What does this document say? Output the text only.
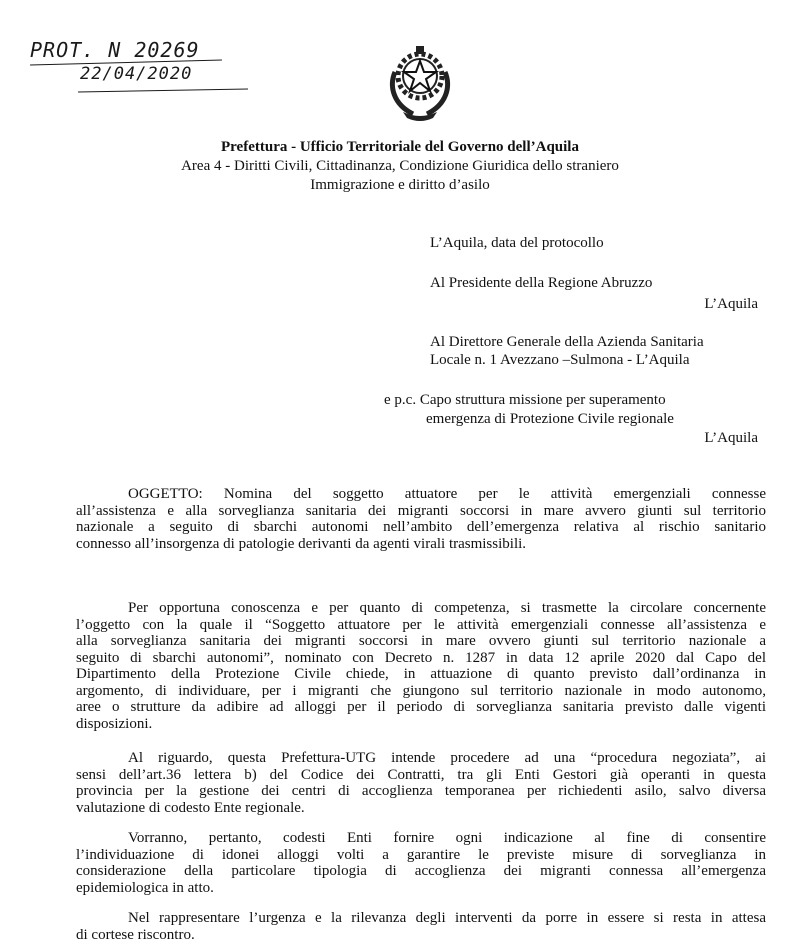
PROT. N 20269
22/04/2020
Prefettura - Ufficio Territoriale del Governo dell’Aquila
Area 4 - Diritti Civili, Cittadinanza, Condizione Giuridica dello straniero
Immigrazione e diritto d’asilo
L’Aquila, data del protocollo
Al Presidente della Regione Abruzzo
L’Aquila
Al Direttore Generale della Azienda Sanitaria
Locale n. 1 Avezzano –Sulmona - L’Aquila
e p.c. Capo struttura missione per superamento
emergenza di Protezione Civile regionale
L’Aquila
OGGETTO: Nomina del soggetto attuatore per le attività emergenziali connesse
all’assistenza e alla sorveglianza sanitaria dei migranti soccorsi in mare avvero giunti sul territorio
nazionale a seguito di sbarchi autonomi nell’ambito dell’emergenza relativa al rischio sanitario
connesso all’insorgenza di patologie derivanti da agenti virali trasmissibili.
Per opportuna conoscenza e per quanto di competenza, si trasmette la circolare concernente
l’oggetto con la quale il “Soggetto attuatore per le attività emergenziali connesse all’assistenza e
alla sorveglianza sanitaria dei migranti soccorsi in mare ovvero giunti sul territorio nazionale a
seguito di sbarchi autonomi”, nominato con Decreto n. 1287 in data 12 aprile 2020 dal Capo del
Dipartimento della Protezione Civile chiede, in attuazione di quanto previsto dall’ordinanza in
argomento, di individuare, per i migranti che giungono sul territorio nazionale in modo autonomo,
aree o strutture da adibire ad alloggi per il periodo di sorveglianza sanitaria previsto dalle vigenti
disposizioni.
Al riguardo, questa Prefettura-UTG intende procedere ad una “procedura negoziata”, ai
sensi dell’art.36 lettera b) del Codice dei Contratti, tra gli Enti Gestori già operanti in questa
provincia per la gestione dei centri di accoglienza temporanea per richiedenti asilo, salvo diversa
valutazione di codesto Ente regionale.
Vorranno, pertanto, codesti Enti fornire ogni indicazione al fine di consentire
l’individuazione di idonei alloggi volti a garantire le previste misure di sorveglianza in
considerazione della particolare tipologia di accoglienza dei migranti connessa all’emergenza
epidemiologica in atto.
Nel rappresentare l’urgenza e la rilevanza degli interventi da porre in essere si resta in attesa
di cortese riscontro.
